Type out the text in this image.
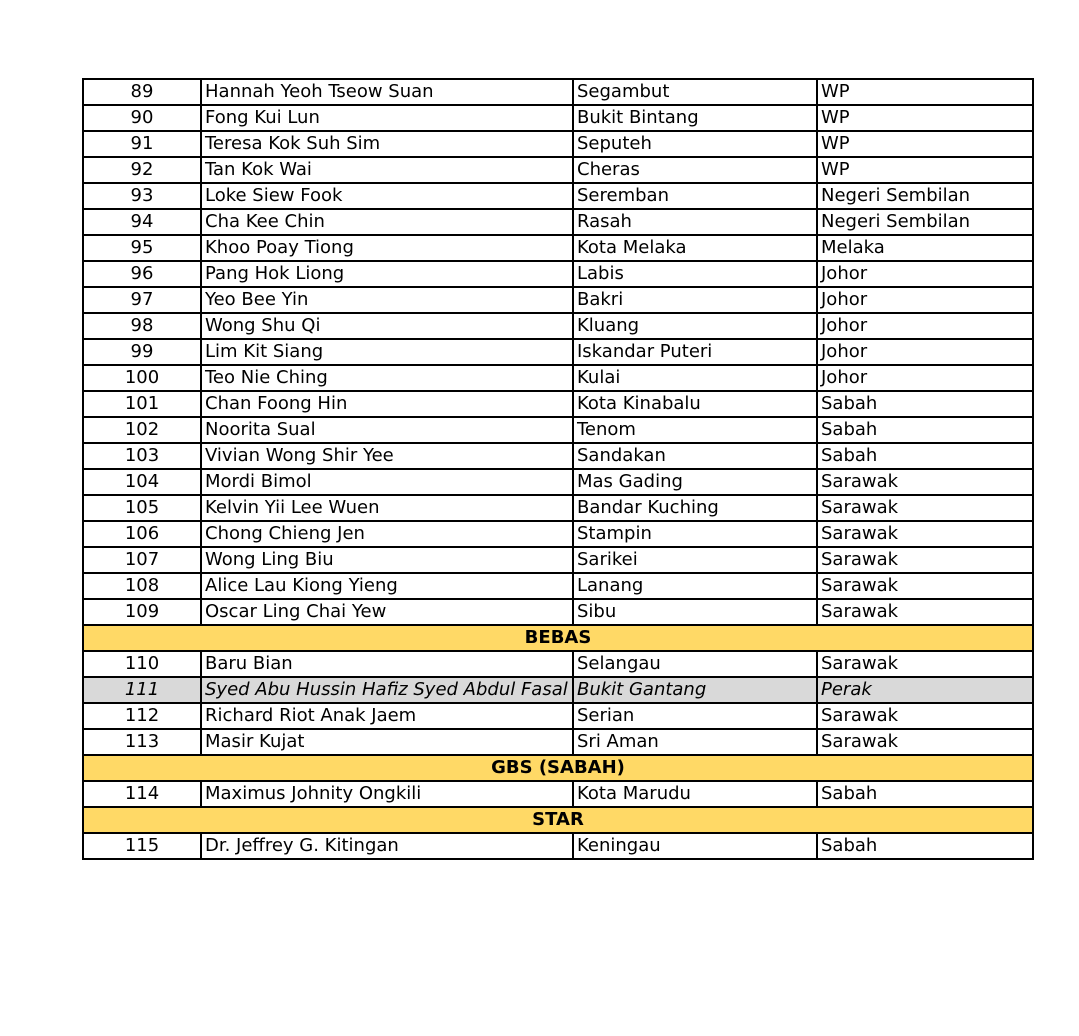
89	Hannah Yeoh Tseow Suan	Segambut	WP
90	Fong Kui Lun	Bukit Bintang	WP
91	Teresa Kok Suh Sim	Seputeh	WP
92	Tan Kok Wai	Cheras	WP
93	Loke Siew Fook	Seremban	Negeri Sembilan
94	Cha Kee Chin	Rasah	Negeri Sembilan
95	Khoo Poay Tiong	Kota Melaka	Melaka
96	Pang Hok Liong	Labis	Johor
97	Yeo Bee Yin	Bakri	Johor
98	Wong Shu Qi	Kluang	Johor
99	Lim Kit Siang	Iskandar Puteri	Johor
100	Teo Nie Ching	Kulai	Johor
101	Chan Foong Hin	Kota Kinabalu	Sabah
102	Noorita Sual	Tenom	Sabah
103	Vivian Wong Shir Yee	Sandakan	Sabah
104	Mordi Bimol	Mas Gading	Sarawak
105	Kelvin Yii Lee Wuen	Bandar Kuching	Sarawak
106	Chong Chieng Jen	Stampin	Sarawak
107	Wong Ling Biu	Sarikei	Sarawak
108	Alice Lau Kiong Yieng	Lanang	Sarawak
109	Oscar Ling Chai Yew	Sibu	Sarawak
BEBAS			
110	Baru Bian	Selangau	Sarawak
111	Syed Abu Hussin Hafiz Syed Abdul Fasal	Bukit Gantang	Perak
112	Richard Riot Anak Jaem	Serian	Sarawak
113	Masir Kujat	Sri Aman	Sarawak
GBS (SABAH)			
114	Maximus Johnity Ongkili	Kota Marudu	Sabah
STAR			
115	Dr. Jeffrey G. Kitingan	Keningau	Sabah
